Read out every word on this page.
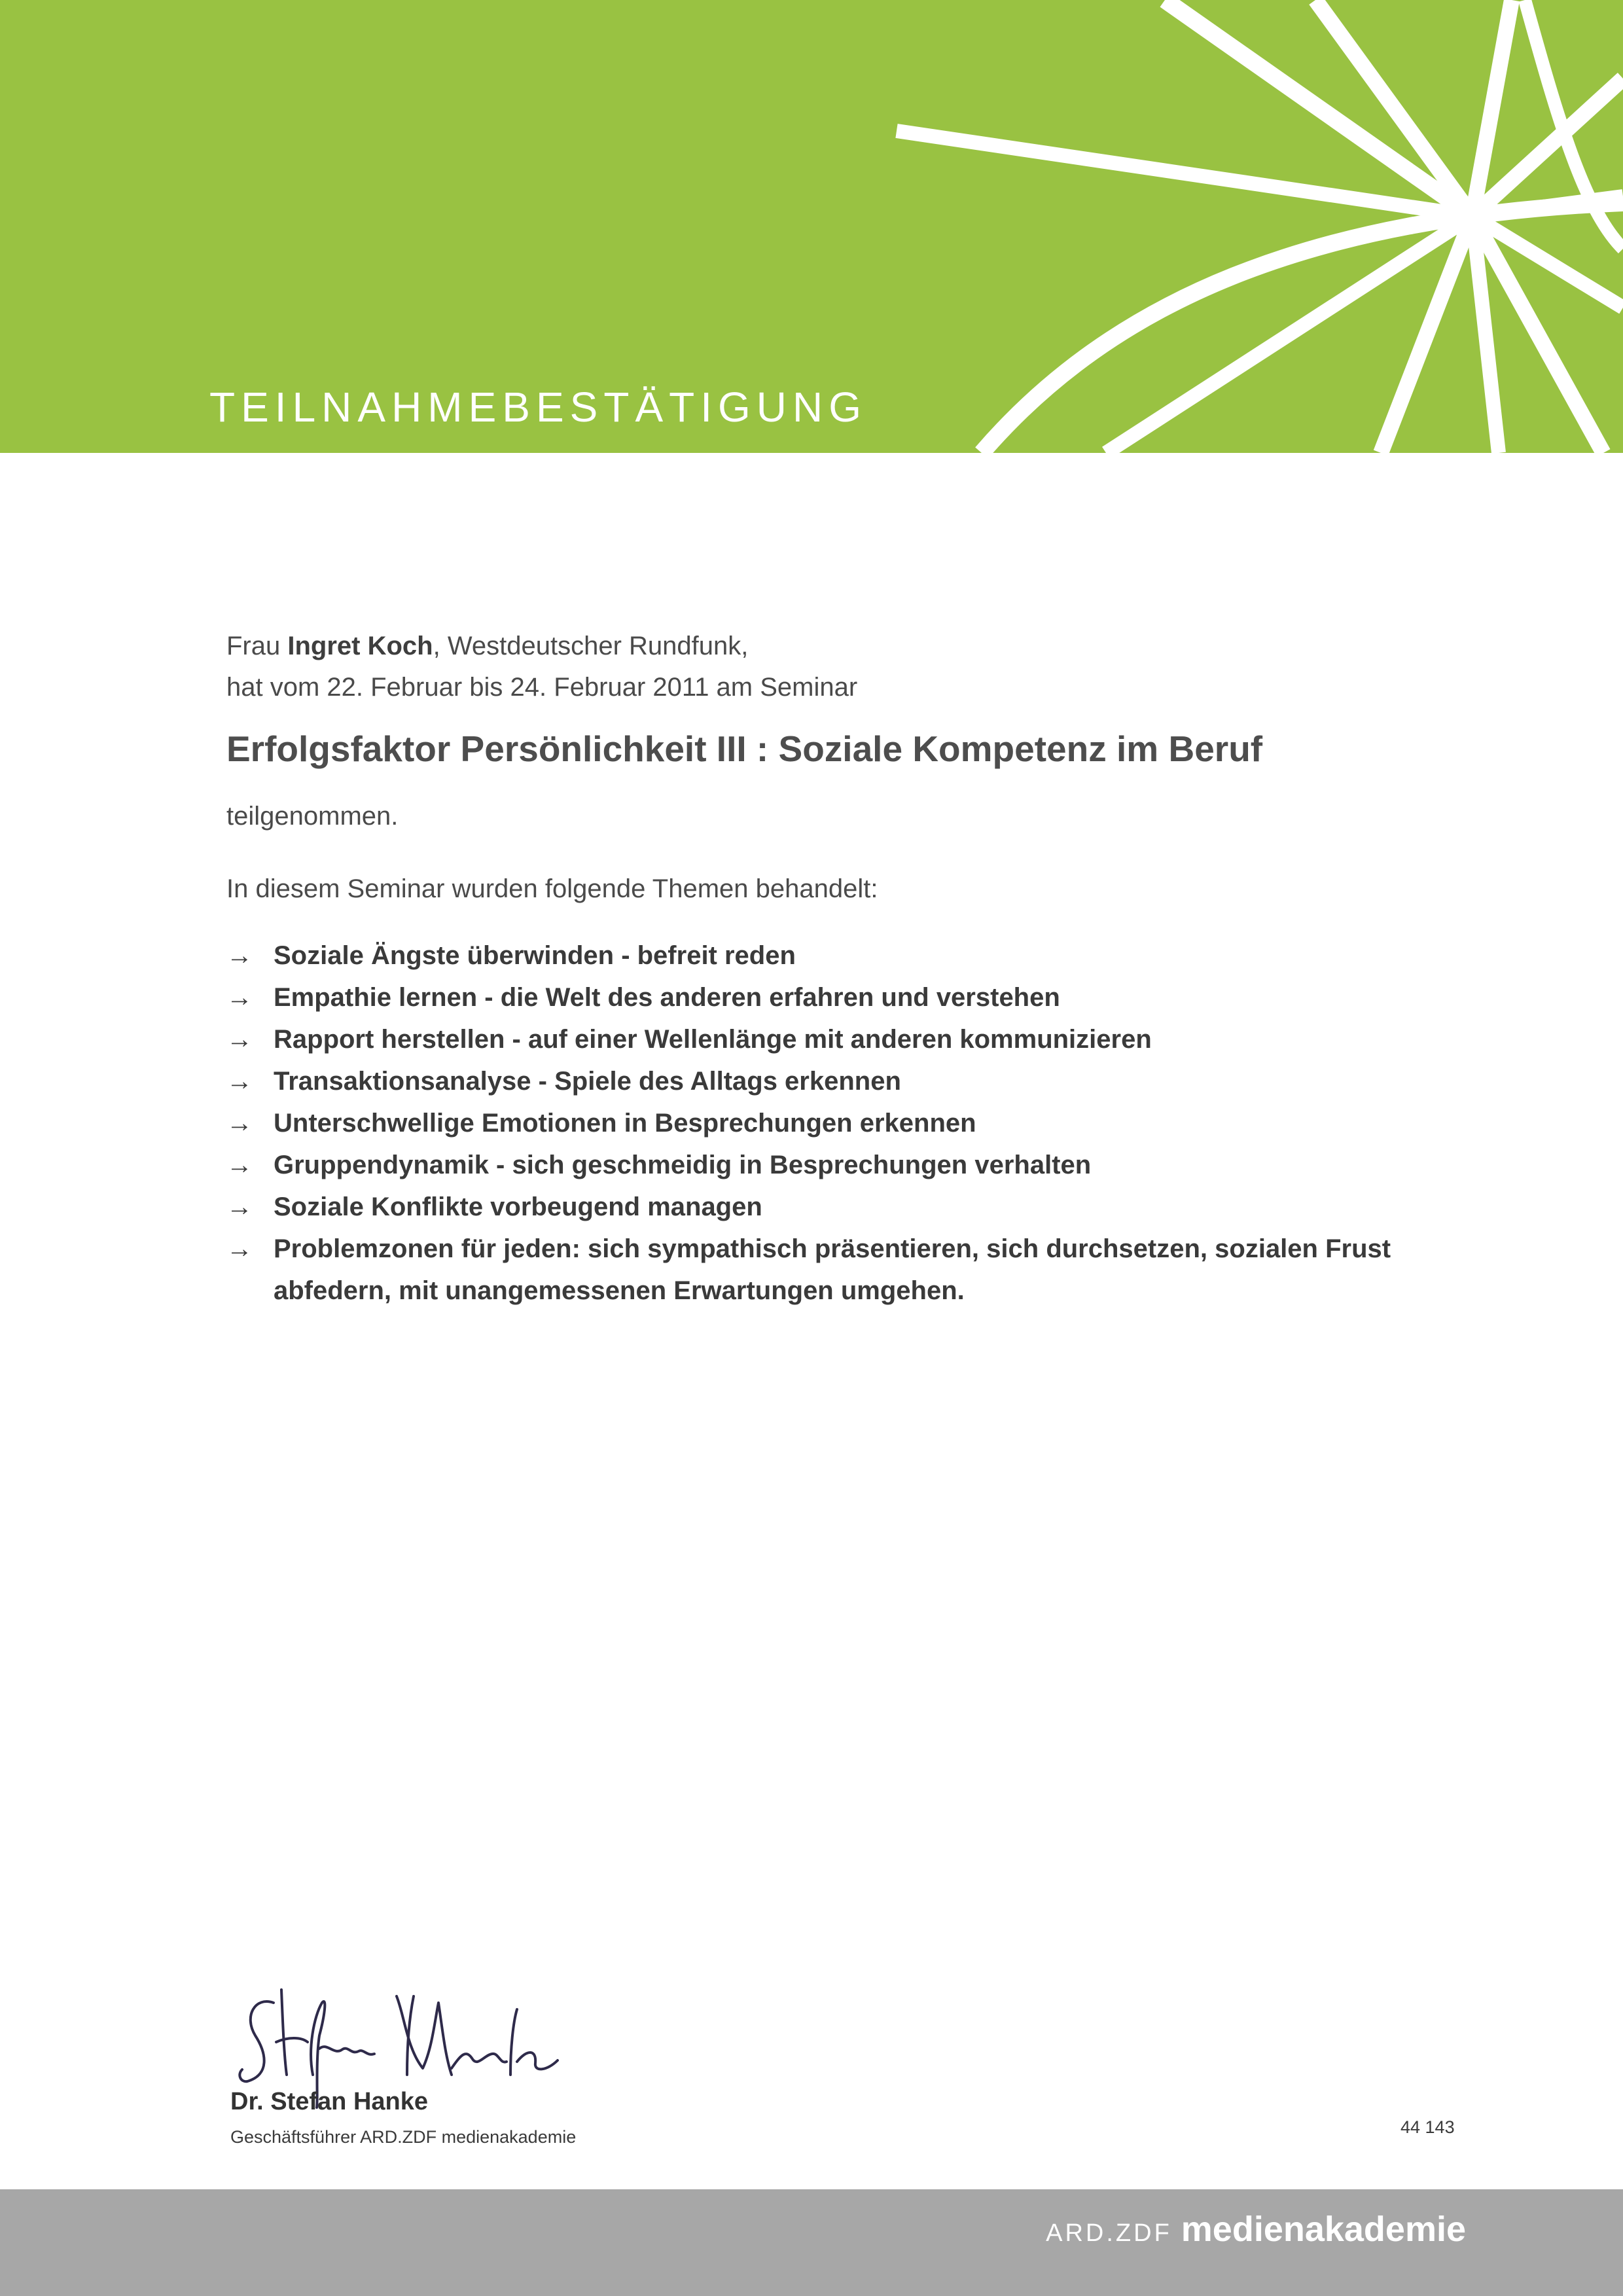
TEILNAHMEBESTÄTIGUNG
Frau Ingret Koch, Westdeutscher Rundfunk,
hat vom 22. Februar bis 24. Februar 2011 am Seminar
Erfolgsfaktor Persönlichkeit III : Soziale Kompetenz im Beruf
teilgenommen.
In diesem Seminar wurden folgende Themen behandelt:
→ Soziale Ängste überwinden - befreit reden
→ Empathie lernen - die Welt des anderen erfahren und verstehen
→ Rapport herstellen - auf einer Wellenlänge mit anderen kommunizieren
→ Transaktionsanalyse - Spiele des Alltags erkennen
→ Unterschwellige Emotionen in Besprechungen erkennen
→ Gruppendynamik - sich geschmeidig in Besprechungen verhalten
→ Soziale Konflikte vorbeugend managen
→ Problemzonen für jeden: sich sympathisch präsentieren, sich durchsetzen, sozialen Frust abfedern, mit unangemessenen Erwartungen umgehen.
Dr. Stefan Hanke
Geschäftsführer ARD.ZDF medienakademie	44 143
ARD.ZDF medienakademie
